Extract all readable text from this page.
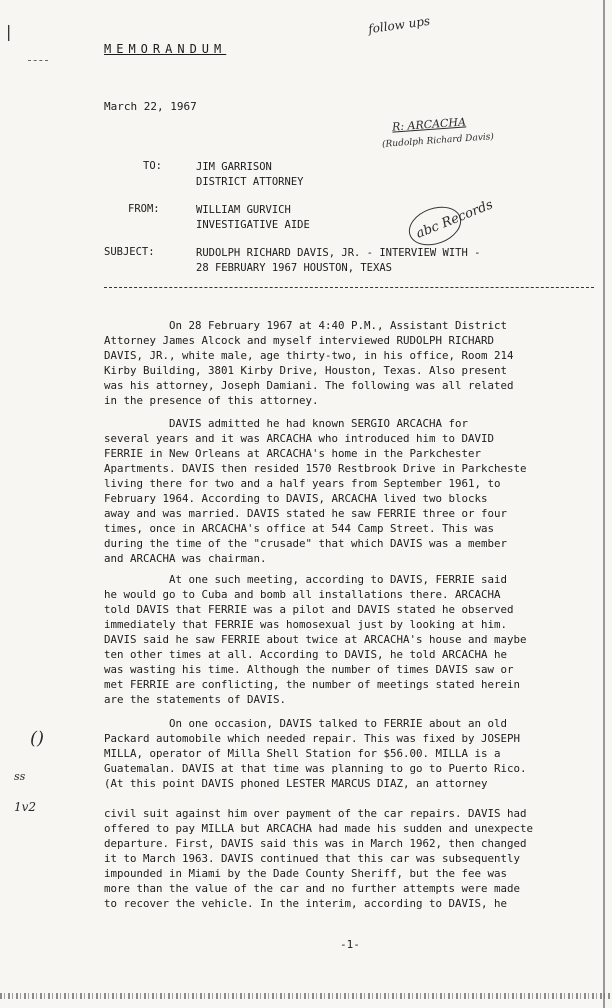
|
()
ss
1v2
follow ups
R: ARCACHA
(Rudolph Richard Davis)
abc Records
MEMORANDUM
March 22, 1967
TO:	JIM GARRISON
DISTRICT ATTORNEY
FROM:	WILLIAM GURVICH
INVESTIGATIVE AIDE
SUBJECT:	RUDOLPH RICHARD DAVIS, JR. - INTERVIEW WITH -
28 FEBRUARY 1967 HOUSTON, TEXAS
On 28 February 1967 at 4:40 P.M., Assistant District
Attorney James Alcock and myself interviewed RUDOLPH RICHARD
DAVIS, JR., white male, age thirty-two, in his office, Room 214
Kirby Building, 3801 Kirby Drive, Houston, Texas. Also present
was his attorney, Joseph Damiani. The following was all related
in the presence of this attorney.
DAVIS admitted he had known SERGIO ARCACHA for
several years and it was ARCACHA who introduced him to DAVID
FERRIE in New Orleans at ARCACHA's home in the Parkchester
Apartments. DAVIS then resided 1570 Restbrook Drive in Parkcheste
living there for two and a half years from September 1961, to
February 1964. According to DAVIS, ARCACHA lived two blocks
away and was married. DAVIS stated he saw FERRIE three or four
times, once in ARCACHA's office at 544 Camp Street. This was
during the time of the "crusade" that which DAVIS was a member
and ARCACHA was chairman.
At one such meeting, according to DAVIS, FERRIE said
he would go to Cuba and bomb all installations there. ARCACHA
told DAVIS that FERRIE was a pilot and DAVIS stated he observed
immediately that FERRIE was homosexual just by looking at him.
DAVIS said he saw FERRIE about twice at ARCACHA's house and maybe
ten other times at all. According to DAVIS, he told ARCACHA he
was wasting his time. Although the number of times DAVIS saw or
met FERRIE are conflicting, the number of meetings stated herein
are the statements of DAVIS.
On one occasion, DAVIS talked to FERRIE about an old
Packard automobile which needed repair. This was fixed by JOSEPH
MILLA, operator of Milla Shell Station for $56.00. MILLA is a
Guatemalan. DAVIS at that time was planning to go to Puerto Rico.
(At this point DAVIS phoned LESTER MARCUS DIAZ, an attorney

civil suit against him over payment of the car repairs. DAVIS had
offered to pay MILLA but ARCACHA had made his sudden and unexpecte
departure. First, DAVIS said this was in March 1962, then changed
it to March 1963. DAVIS continued that this car was subsequently
impounded in Miami by the Dade County Sheriff, but the fee was
more than the value of the car and no further attempts were made
to recover the vehicle. In the interim, according to DAVIS, he
-1-
